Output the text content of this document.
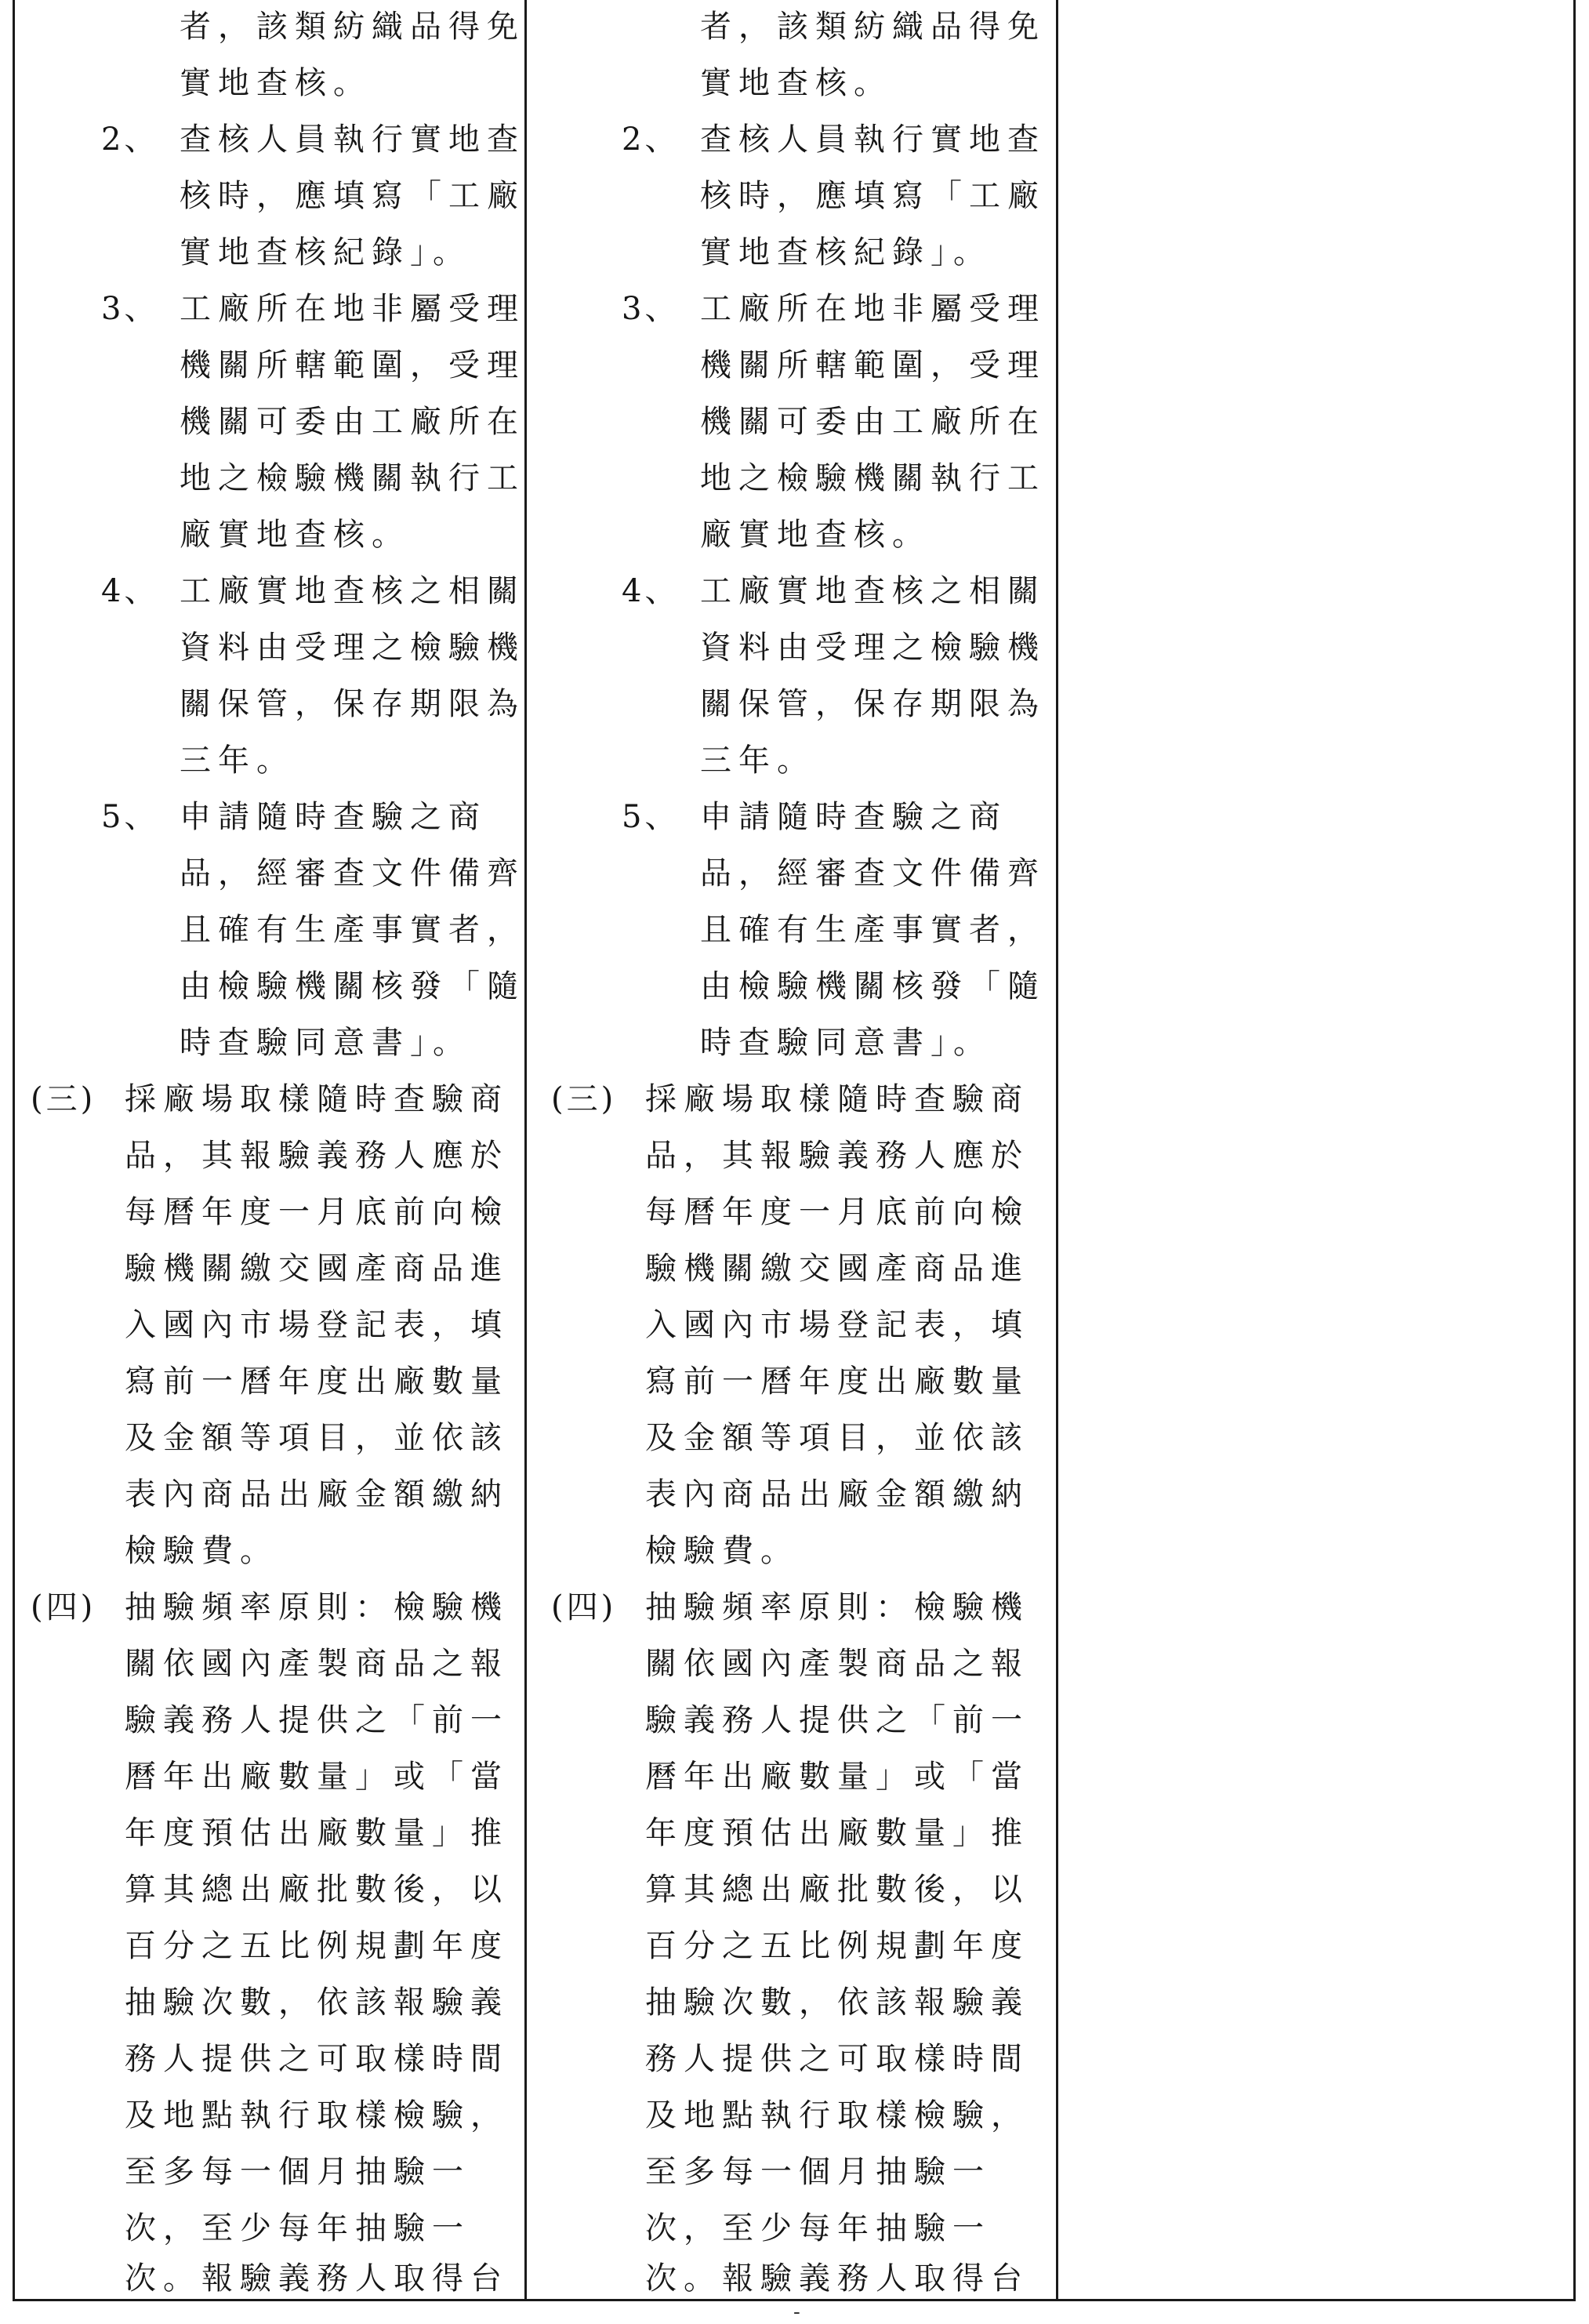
者，該類紡織品得免
實地查核。
2、 查核人員執行實地查
核時，應填寫「工廠
實地查核紀錄」。
3、 工廠所在地非屬受理
機關所轄範圍，受理
機關可委由工廠所在
地之檢驗機關執行工
廠實地查核。
4、 工廠實地查核之相關
資料由受理之檢驗機
關保管，保存期限為
三年。
5、 申請隨時查驗之商
品，經審查文件備齊
且確有生產事實者，
由檢驗機關核發「隨
時查驗同意書」。
(三) 採廠場取樣隨時查驗商
品，其報驗義務人應於
每曆年度一月底前向檢
驗機關繳交國產商品進
入國內市場登記表，填
寫前一曆年度出廠數量
及金額等項目，並依該
表內商品出廠金額繳納
檢驗費。
(四) 抽驗頻率原則：檢驗機
關依國內產製商品之報
驗義務人提供之「前一
曆年出廠數量」或「當
年度預估出廠數量」推
算其總出廠批數後，以
百分之五比例規劃年度
抽驗次數，依該報驗義
務人提供之可取樣時間
及地點執行取樣檢驗，
至多每一個月抽驗一
次，至少每年抽驗一
次。報驗義務人取得台
者，該類紡織品得免
實地查核。
2、 查核人員執行實地查
核時，應填寫「工廠
實地查核紀錄」。
3、 工廠所在地非屬受理
機關所轄範圍，受理
機關可委由工廠所在
地之檢驗機關執行工
廠實地查核。
4、 工廠實地查核之相關
資料由受理之檢驗機
關保管，保存期限為
三年。
5、 申請隨時查驗之商
品，經審查文件備齊
且確有生產事實者，
由檢驗機關核發「隨
時查驗同意書」。
(三) 採廠場取樣隨時查驗商
品，其報驗義務人應於
每曆年度一月底前向檢
驗機關繳交國產商品進
入國內市場登記表，填
寫前一曆年度出廠數量
及金額等項目，並依該
表內商品出廠金額繳納
檢驗費。
(四) 抽驗頻率原則：檢驗機
關依國內產製商品之報
驗義務人提供之「前一
曆年出廠數量」或「當
年度預估出廠數量」推
算其總出廠批數後，以
百分之五比例規劃年度
抽驗次數，依該報驗義
務人提供之可取樣時間
及地點執行取樣檢驗，
至多每一個月抽驗一
次，至少每年抽驗一
次。報驗義務人取得台
-
